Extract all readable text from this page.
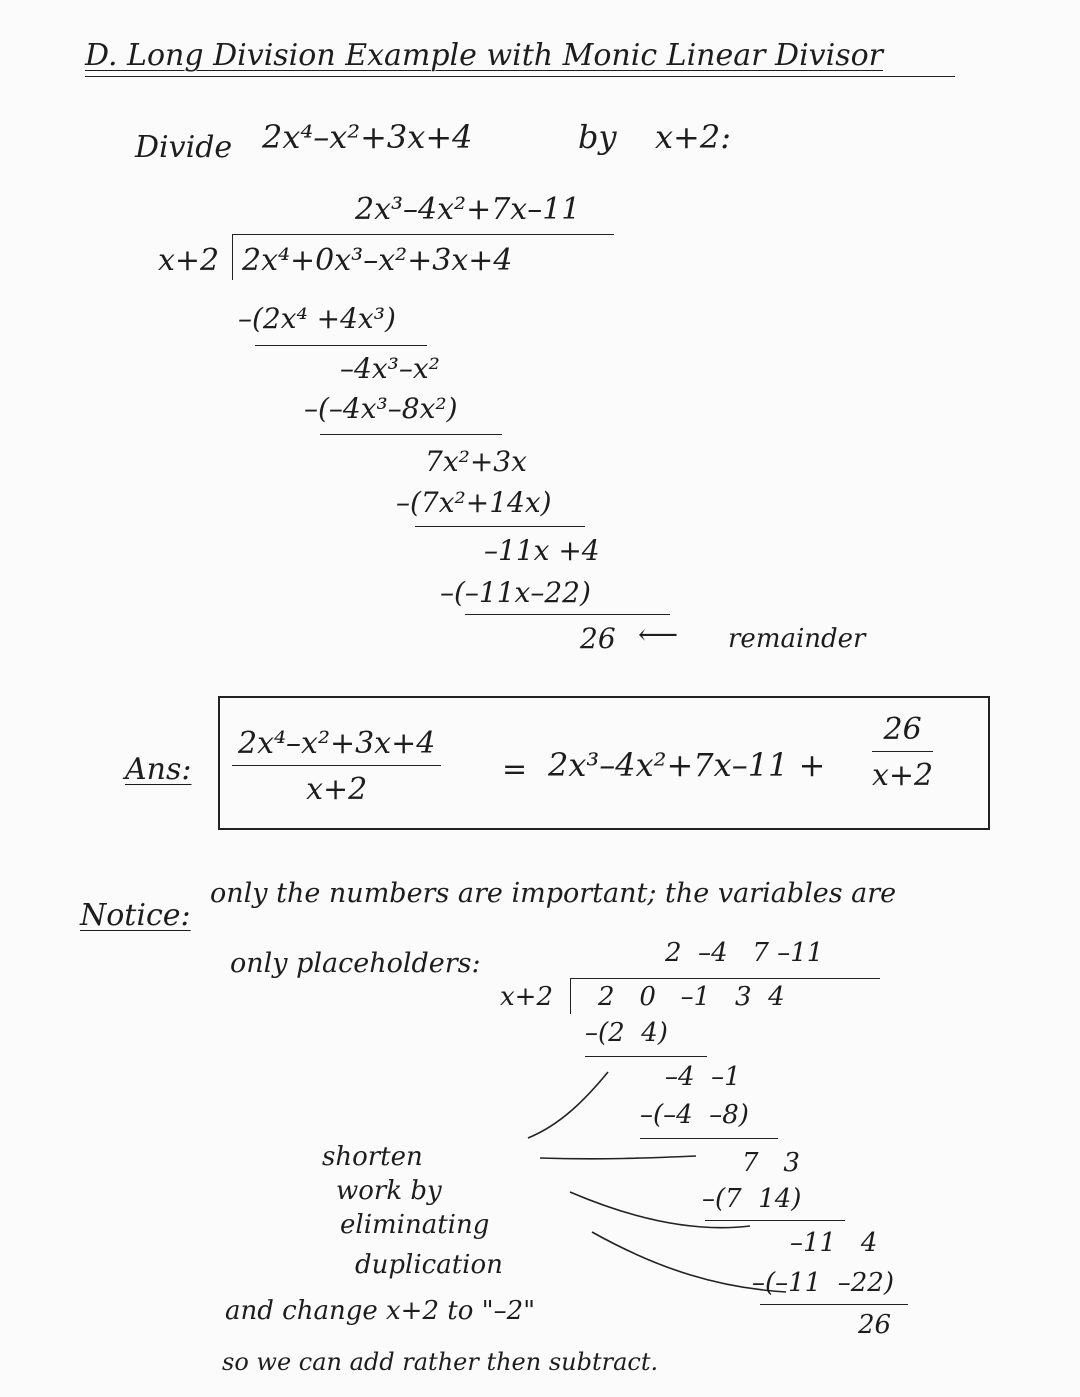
D. Long Division Example with Monic Linear Divisor
Divide 2x⁴–x²+3x+4	by x+2:
2x³–4x²+7x–11
x+2 2x⁴+0x³–x²+3x+4
–(2x⁴ +4x³)
–4x³–x²
–(–4x³–8x²)
7x²+3x
–(7x²+14x)
–11x +4
–(–11x–22)
26 ⟵ remainder
Ans: $\frac{\text{2x⁴–x²+3x+4}}{x+2} = 2x^3-4x^2+7x-11 + \frac{26}{x+2}$
Notice:
only the numbers are important; the variables are
only placeholders:	2  –4   7 –11
x+2 2   0   –1   3  4
–(2  4)
–4  –1
–(–4  –8)
7   3
–(7  14)
–11   4
–(–11  –22)
26
shorten
work by
eliminating
duplication
and change x+2 to "–2"
so we can add rather then subtract.
